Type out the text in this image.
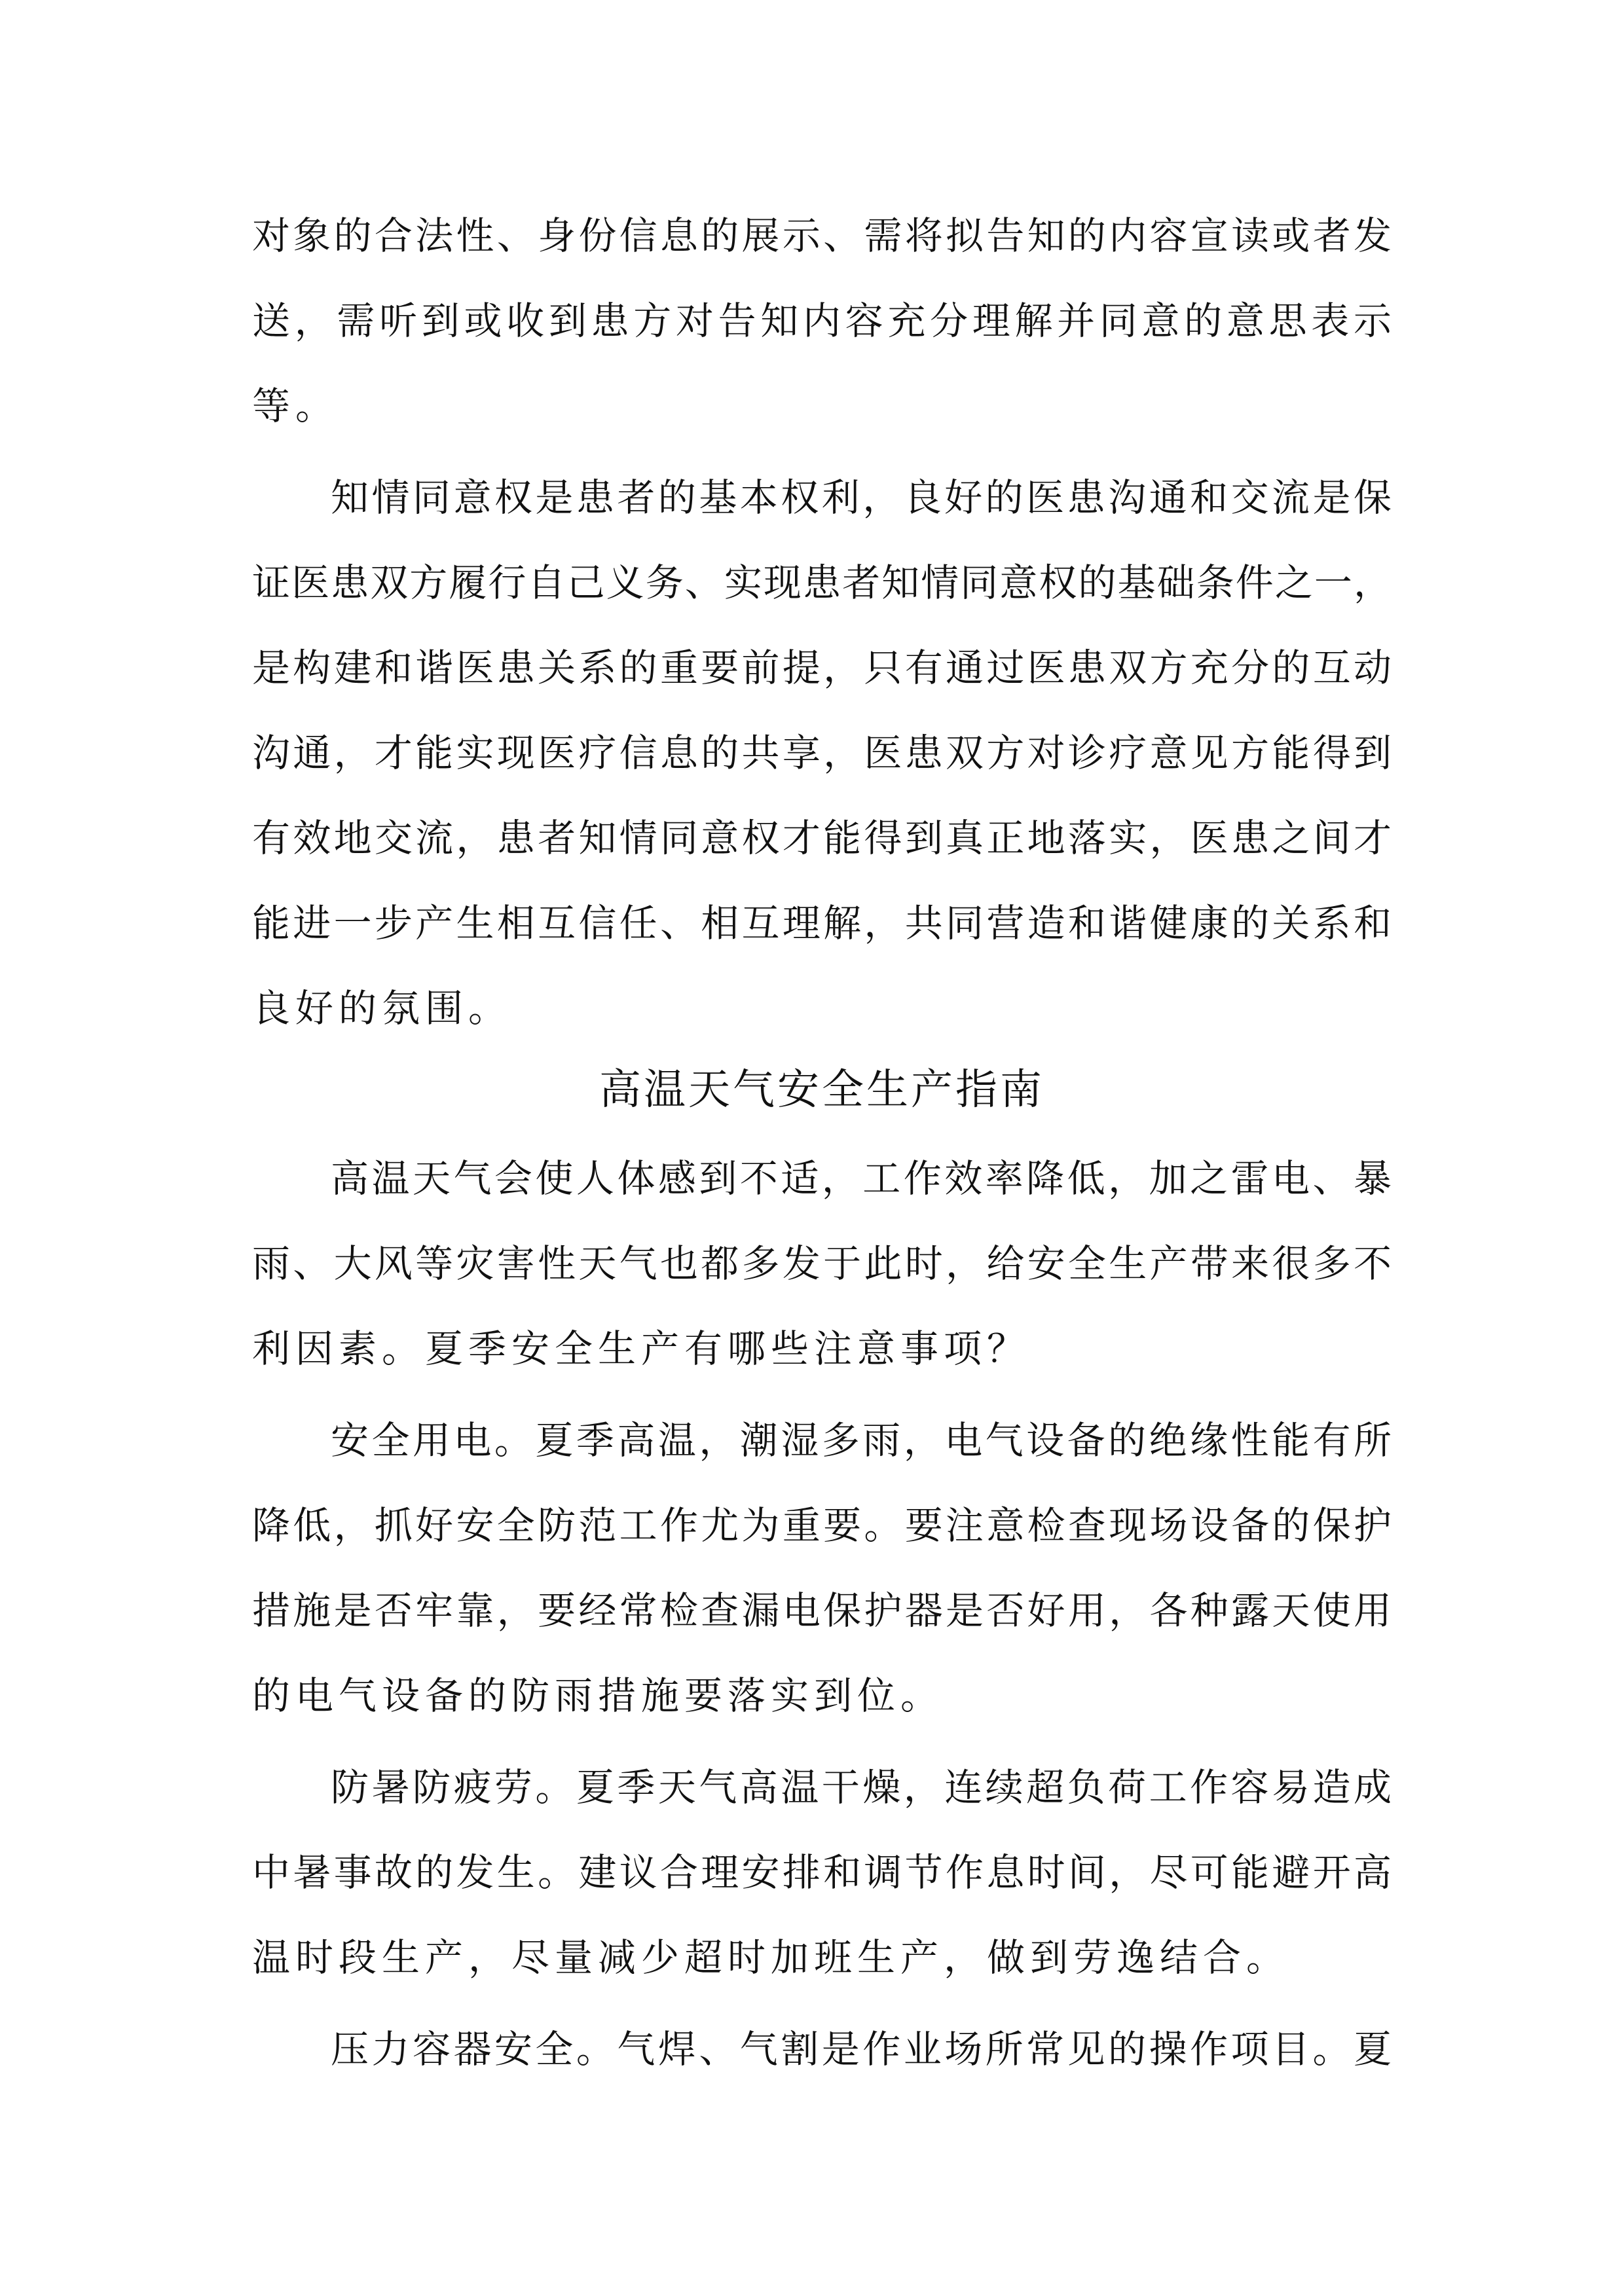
对象的合法性、身份信息的展示、需将拟告知的内容宣读或者发
送，需听到或收到患方对告知内容充分理解并同意的意思表示
等。
知情同意权是患者的基本权利，良好的医患沟通和交流是保
证医患双方履行自己义务、实现患者知情同意权的基础条件之一，
是构建和谐医患关系的重要前提，只有通过医患双方充分的互动
沟通，才能实现医疗信息的共享，医患双方对诊疗意见方能得到
有效地交流，患者知情同意权才能得到真正地落实，医患之间才
能进一步产生相互信任、相互理解，共同营造和谐健康的关系和
良好的氛围。
高温天气安全生产指南
高温天气会使人体感到不适，工作效率降低，加之雷电、暴
雨、大风等灾害性天气也都多发于此时，给安全生产带来很多不
利因素。夏季安全生产有哪些注意事项？
安全用电。夏季高温，潮湿多雨，电气设备的绝缘性能有所
降低，抓好安全防范工作尤为重要。要注意检查现场设备的保护
措施是否牢靠，要经常检查漏电保护器是否好用，各种露天使用
的电气设备的防雨措施要落实到位。
防暑防疲劳。夏季天气高温干燥，连续超负荷工作容易造成
中暑事故的发生。建议合理安排和调节作息时间，尽可能避开高
温时段生产，尽量减少超时加班生产，做到劳逸结合。
压力容器安全。气焊、气割是作业场所常见的操作项目。夏
